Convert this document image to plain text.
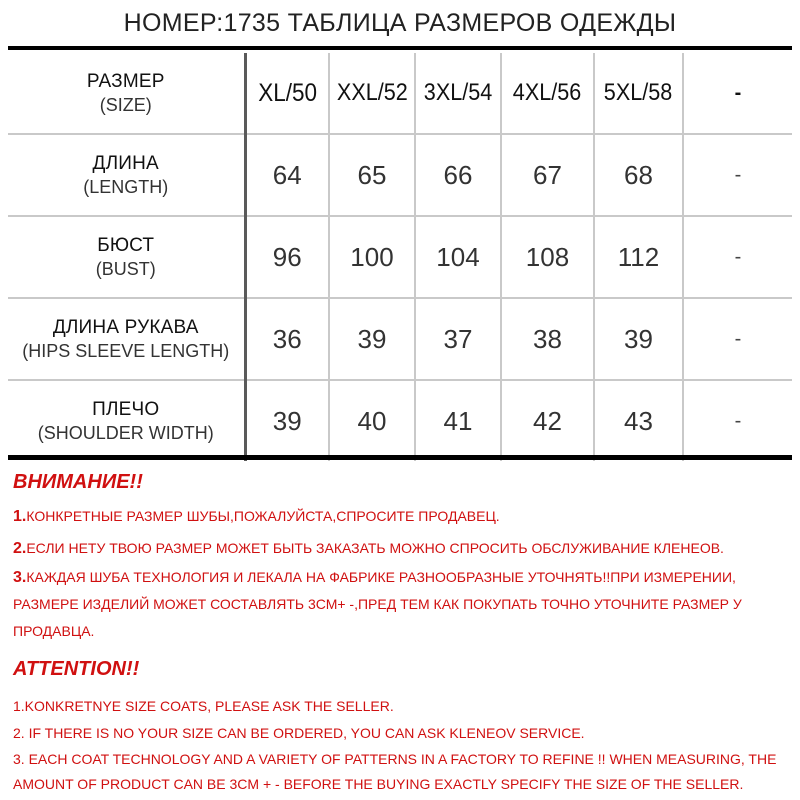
НОМЕР:1735 ТАБЛИЦА РАЗМЕРОВ ОДЕЖДЫ
РАЗМЕР
(SIZE)	XL/50	XXL/52	3XL/54	4XL/56	5XL/58	-

ДЛИНА
(LENGTH)	64	65	66	67	68	-

БЮСТ
(BUST)	96	100	104	108	112	-

ДЛИНА РУКАВА
(HIPS SLEEVE LENGTH)	36	39	37	38	39	-

ПЛЕЧО
(SHOULDER WIDTH)	39	40	41	42	43	-

ВНИМАНИЕ!!

1.КОНКРЕТНЫЕ РАЗМЕР ШУБЫ,ПОЖАЛУЙСТА,СПРОСИТЕ ПРОДАВЕЦ.

2.ЕСЛИ НЕТУ ТВОЮ РАЗМЕР МОЖЕТ БЫТЬ ЗАКАЗАТЬ МОЖНО СПРОСИТЬ ОБСЛУЖИВАНИЕ КЛЕНЕОВ.

3.КАЖДАЯ ШУБА ТЕХНОЛОГИЯ И ЛЕКАЛА НА ФАБРИКЕ РАЗНООБРАЗНЫЕ УТОЧНЯТЬ!!ПРИ ИЗМЕРЕНИИ, РАЗМЕРЕ ИЗДЕЛИЙ МОЖЕТ СОСТАВЛЯТЬ 3СМ+ -,ПРЕД ТЕМ КАК ПОКУПАТЬ ТОЧНО УТОЧНИТЕ РАЗМЕР У ПРОДАВЦА.

ATTENTION!!

1.KONKRETNYE SIZE COATS, PLEASE ASK THE SELLER.

2. IF THERE IS NO YOUR SIZE CAN BE ORDERED, YOU CAN ASK KLENEOV SERVICE.

3. EACH COAT TECHNOLOGY AND A VARIETY OF PATTERNS IN A FACTORY TO REFINE !! WHEN MEASURING, THE AMOUNT OF PRODUCT CAN BE 3CM + - BEFORE THE BUYING EXACTLY SPECIFY THE SIZE OF THE SELLER.
